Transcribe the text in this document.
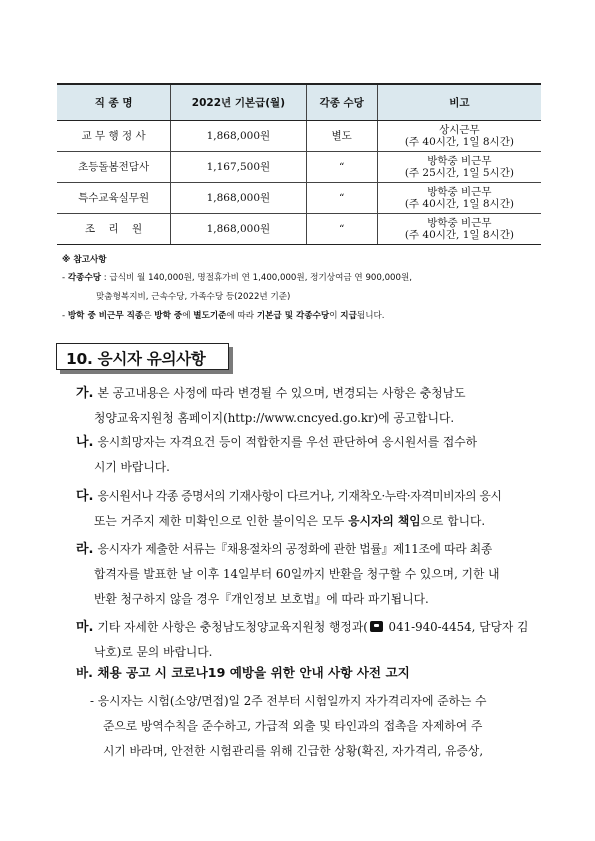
직 종 명	2022년 기본급(월)	각종 수당	비고
교 무 행 정 사	1,868,000원	별도	상시근무
(주 40시간, 1일 8시간)

초등돌봄전담사	1,167,500원	“	방학중 비근무
(주 25시간, 1일 5시간)

특수교육실무원	1,868,000원	“	방학중 비근무
(주 40시간, 1일 8시간)

조    리    원	1,868,000원	“	방학중 비근무
(주 40시간, 1일 8시간)
※ 참고사항
- 각종수당 : 급식비 월 140,000원, 명절휴가비 연 1,400,000원, 정기상여금 연 900,000원,
맞춤형복지비, 근속수당, 가족수당 등(2022년 기준)
- 방학 중 비근무 직종은 방학 중에 별도기준에 따라 기본급 및 각종수당이 지급됩니다.
10. 응시자 유의사항
가. 본 공고내용은 사정에 따라 변경될 수 있으며, 변경되는 사항은 충청남도
청양교육지원청 홈페이지(http://www.cncyed.go.kr)에 공고합니다.
나. 응시희망자는 자격요건 등이 적합한지를 우선 판단하여 응시원서를 접수하
시기 바랍니다.
다. 응시원서나 각종 증명서의 기재사항이 다르거나, 기재착오·누락·자격미비자의 응시
또는 거주지 제한 미확인으로 인한 불이익은 모두 응시자의 책임으로 합니다.
라. 응시자가 제출한 서류는『채용절차의 공정화에 관한 법률』제11조에 따라 최종
합격자를 발표한 날 이후 14일부터 60일까지 반환을 청구할 수 있으며, 기한 내
반환 청구하지 않을 경우『개인정보 보호법』에 따라 파기됩니다.
마. 기타 자세한 사항은 충청남도청양교육지원청 행정과( 041-940-4454, 담당자 김
낙호)로 문의 바랍니다.
바. 채용 공고 시 코로나19 예방을 위한 안내 사항 사전 고지
- 응시자는 시험(소양/면접)일 2주 전부터 시험일까지 자가격리자에 준하는 수
준으로 방역수칙을 준수하고, 가급적 외출 및 타인과의 접촉을 자제하여 주
시기 바라며, 안전한 시험관리를 위해 긴급한 상황(확진, 자가격리, 유증상,
